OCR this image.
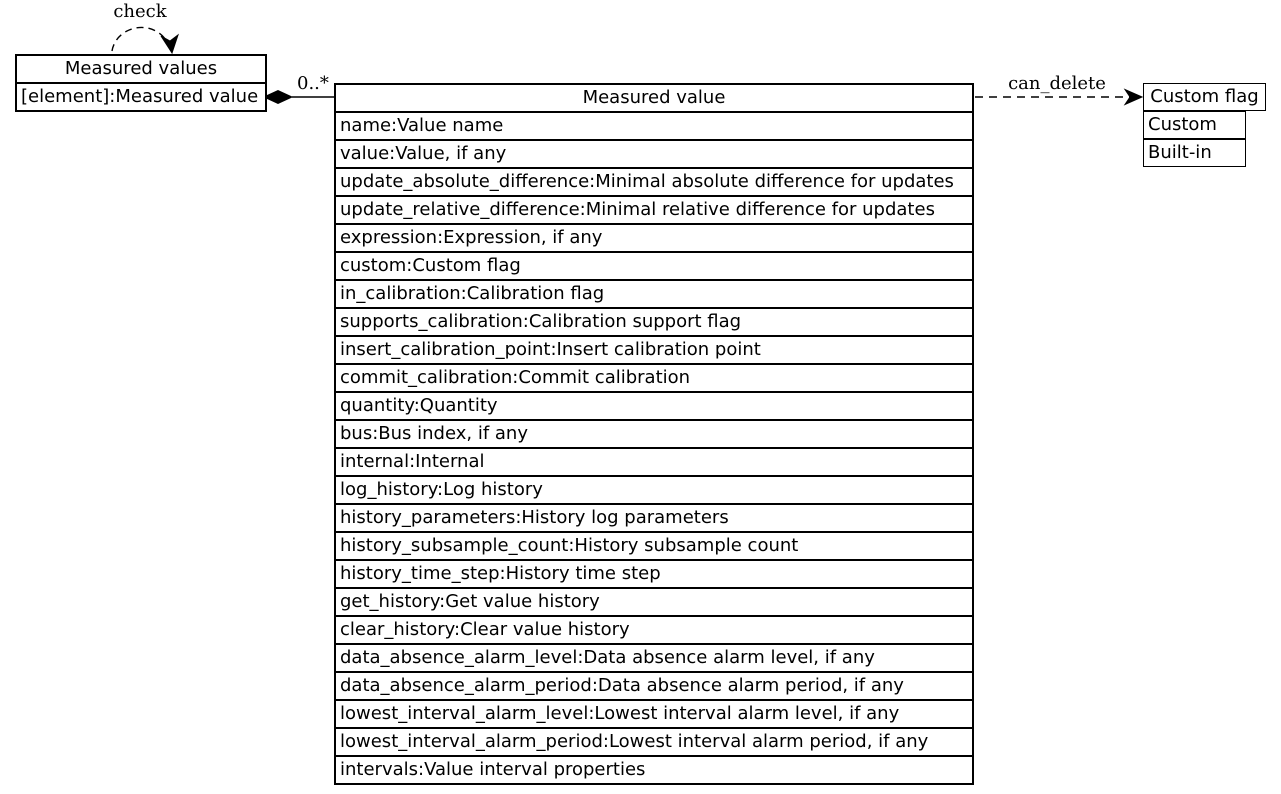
check
0..*	can_delete
Measured values
[element]:Measured value	Measured value
name:Value name
value:Value, if any
update_absolute_difference:Minimal absolute difference for updates
update_relative_difference:Minimal relative difference for updates
expression:Expression, if any
custom:Custom flag
in_calibration:Calibration flag
supports_calibration:Calibration support flag
insert_calibration_point:Insert calibration point
commit_calibration:Commit calibration
quantity:Quantity
bus:Bus index, if any
internal:Internal
log_history:Log history
history_parameters:History log parameters
history_subsample_count:History subsample count
history_time_step:History time step
get_history:Get value history
clear_history:Clear value history
data_absence_alarm_level:Data absence alarm level, if any
data_absence_alarm_period:Data absence alarm period, if any
lowest_interval_alarm_level:Lowest interval alarm level, if any
lowest_interval_alarm_period:Lowest interval alarm period, if any
intervals:Value interval properties
Custom flag
Custom
Built-in
